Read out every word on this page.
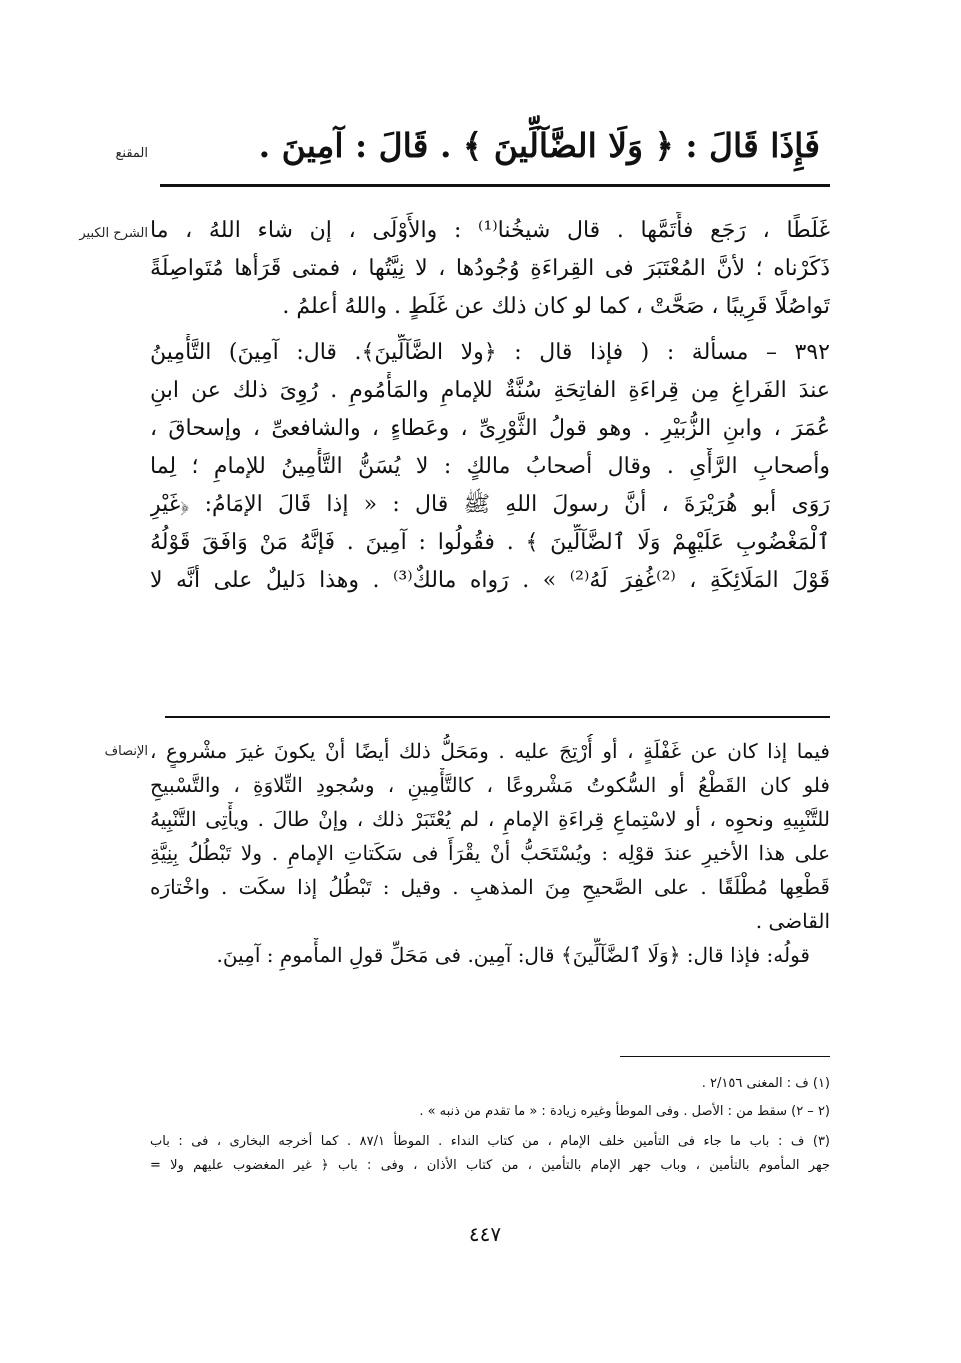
المقنع	فَإِذَا قَالَ : ﴿ وَلَا الضَّآلِّينَ ﴾ . قَالَ : آمِينَ .
الشرح الكبير غَلَطًا ، رَجَع فأَتَمَّها . قال شيخُنا⁽¹⁾ : والأَوْلَى ، إن شاء اللهُ ، ما
ذَكَرْناه ؛ لأنَّ المُعْتَبَرَ فى القِراءَةِ وُجُودُها ، لا نِيَّتُها ، فمتى قَرَأها مُتَواصِلَةً
تَواصُلًا قَرِيبًا ، صَحَّتْ ، كما لو كان ذلك عن غَلَطٍ . واللهُ أعلمُ .
٣٩٢ – مسألة : ( فإذا قال : ﴿ولا الضَّآلِّينَ﴾. قال: آمِينَ) التَّأْمِينُ
عندَ الفَراغِ مِن قِراءَةِ الفاتِحَةِ سُنَّةٌ للإمامِ والمَأْمُومِ . رُوِىَ ذلك عن ابنِ
عُمَرَ ، وابنِ الزُّبَيْرِ . وهو قولُ الثَّوْرِىِّ ، وعَطاءٍ ، والشافعىِّ ، وإسحاقَ ،
وأصحابِ الرَّأْىِ . وقال أصحابُ مالكٍ : لا يُسَنُّ التَّأْمِينُ للإمامِ ؛ لِما
رَوَى أبو هُرَيْرَةَ ، أنَّ رسولَ اللهِ ﷺ قال : « إذا قَالَ الإمَامُ: ﴿غَيْرِ
ٱلْمَغْضُوبِ عَلَيْهِمْ وَلَا ٱلضَّآلِّينَ ﴾ . فقُولُوا : آمِينَ . فَإنَّهُ مَنْ وَافَقَ قَوْلُهُ
قَوْلَ المَلَائِكَةِ ، ⁽²⁾غُفِرَ لَهُ⁽²⁾ » . رَواه مالكٌ⁽³⁾ . وهذا دَليلٌ على أنَّه لا
الإنصاف فيما إذا كان عن غَفْلَةٍ ، أو أُرْتِجَ عليه . ومَحَلُّ ذلك أيضًا أنْ يكونَ غيرَ مشْروعٍ ،
فلو كان القَطْعُ أو السُّكوتُ مَشْروعًا ، كالتَّأْمِينِ ، وسُجودِ التِّلاوَةِ ، والتَّسْبيحِ
للتَّنْبِيهِ ونحوِه ، أو لاسْتِماعِ قِراءَةِ الإمامِ ، لم يُعْتَبَرْ ذلك ، وإنْ طالَ . ويأْتِى التَّنْبِيهُ
على هذا الأخيرِ عندَ قوْلِه : ويُسْتَحَبُّ أنْ يقْرَأَ فى سَكَتاتِ الإمامِ . ولا تَبْطُلُ بِنِيَّةِ
قَطْعِها مُطْلَقًا . على الصَّحيحِ مِنَ المذهبِ . وقيل : تَبْطُلُ إذا سكَت . واخْتارَه
القاضى .
قولُه: فإذا قال: ﴿وَلَا ٱلضَّآلِّينَ﴾ قال: آمِين. فى مَحَلِّ قولِ المأْمومِ : آمِينَ.
(١) ف : المغنى ٢/١٥٦ .
(٢ – ٢) سقط من : الأصل . وفى الموطأ وغيره زيادة : « ما تقدم من ذنبه » .
(٣) ف : باب ما جاء فى التأمين خلف الإمام ، من كتاب النداء . الموطأ ٨٧/١ . كما أخرجه البخارى ، فى : باب
جهر المأموم بالتأمين ، وباب جهر الإمام بالتأمين ، من كتاب الأذان ، وفى : باب ﴿ غير المغضوب عليهم ولا =
٤٤٧
